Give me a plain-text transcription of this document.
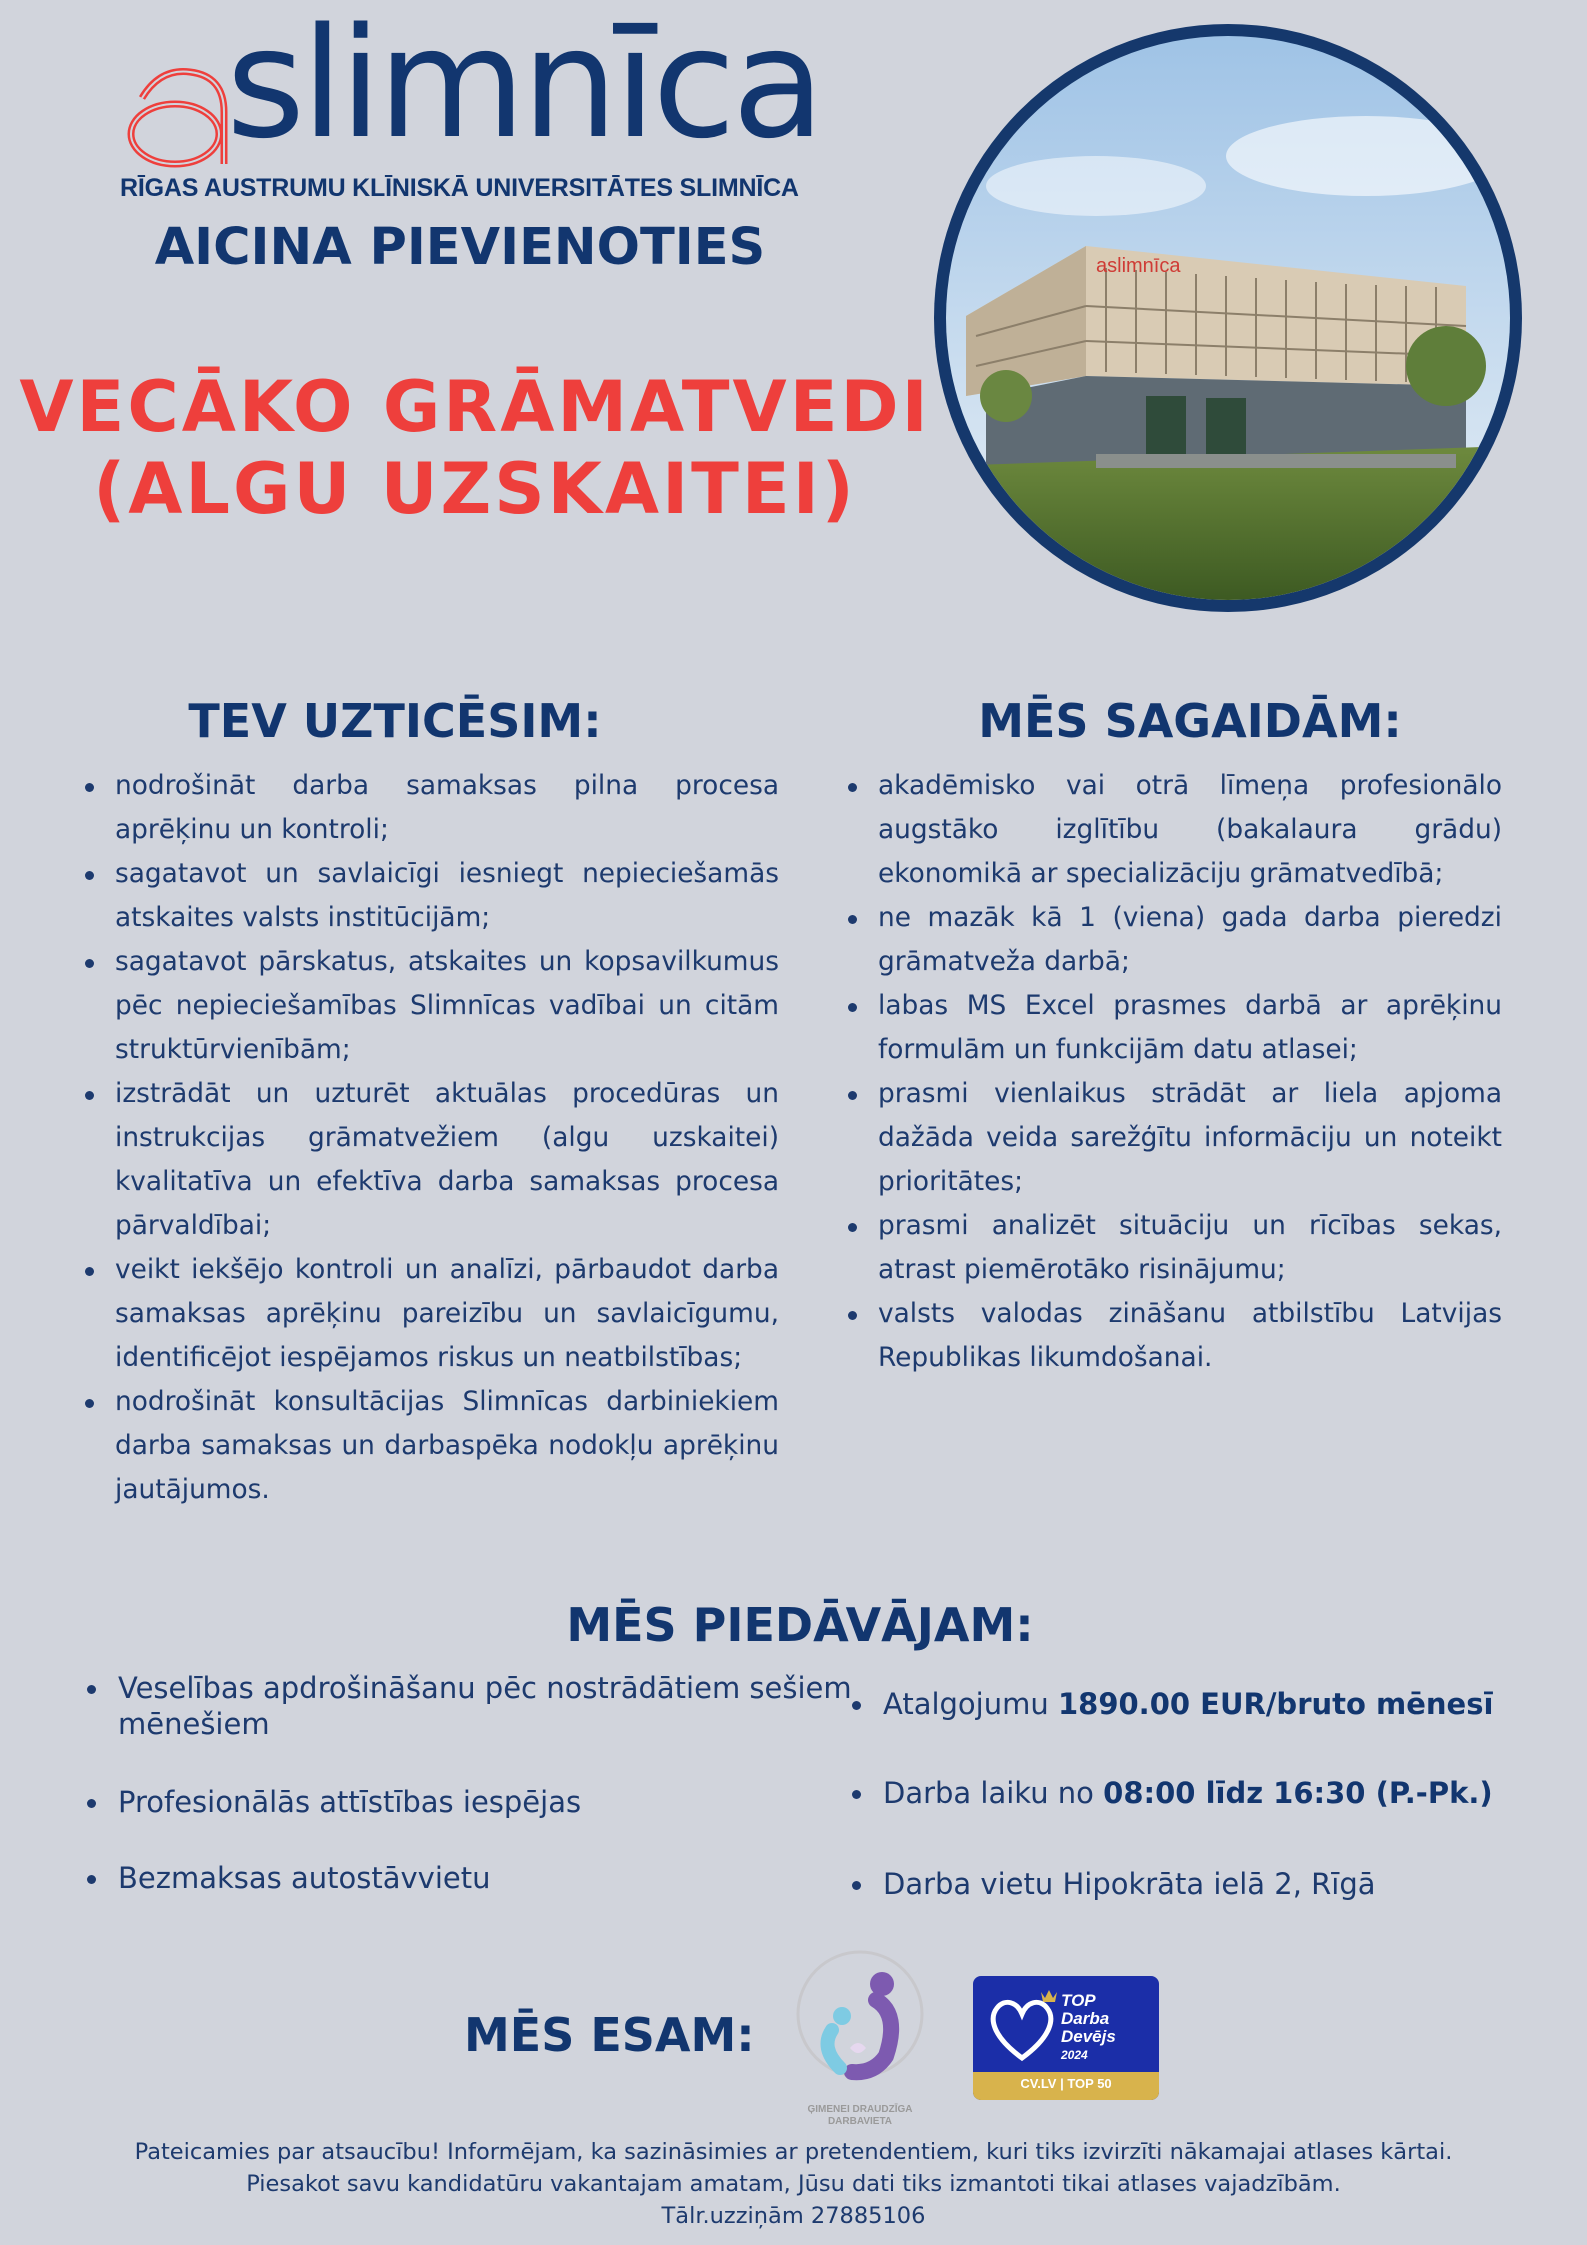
slimnīca
RĪGAS AUSTRUMU KLĪNISKĀ UNIVERSITĀTES SLIMNĪCA
AICINA PIEVIENOTIES
VECĀKO GRĀMATVEDI
(ALGU UZSKAITEI)
aslimnīca
TEV UZTICĒSIM:
nodrošināt darba samaksas pilna procesa aprēķinu un kontroli;
sagatavot un savlaicīgi iesniegt nepieciešamās atskaites valsts institūcijām;
sagatavot pārskatus, atskaites un kopsavilkumus pēc nepieciešamības Slimnīcas vadībai un citām struktūrvienībām;
izstrādāt un uzturēt aktuālas procedūras un instrukcijas grāmatvežiem (algu uzskaitei) kvalitatīva un efektīva darba samaksas procesa pārvaldībai;
veikt iekšējo kontroli un analīzi, pārbaudot darba samaksas aprēķinu pareizību un savlaicīgumu, identificējot iespējamos riskus un neatbilstības;
nodrošināt konsultācijas Slimnīcas darbiniekiem darba samaksas un darbaspēka nodokļu aprēķinu jautājumos.
MĒS SAGAIDĀM:
akadēmisko vai otrā līmeņa profesionālo augstāko izglītību (bakalaura grādu) ekonomikā ar specializāciju grāmatvedībā;
ne mazāk kā 1 (viena) gada darba pieredzi grāmatveža darbā;
labas MS Excel prasmes darbā ar aprēķinu formulām un funkcijām datu atlasei;
prasmi vienlaikus strādāt ar liela apjoma dažāda veida sarežģītu informāciju un noteikt prioritātes;
prasmi analizēt situāciju un rīcības sekas, atrast piemērotāko risinājumu;
valsts valodas zināšanu atbilstību Latvijas Republikas likumdošanai.
MĒS PIEDĀVĀJAM:
Veselības apdrošināšanu pēc nostrādātiem sešiem mēnešiem
Profesionālās attīstības iespējas
Bezmaksas autostāvvietu
Atalgojumu 1890.00 EUR/bruto mēnesī
Darba laiku no 08:00 līdz 16:30 (P.-Pk.)
Darba vietu Hipokrāta ielā 2, Rīgā
MĒS ESAM:
ĢIMENEI DRAUDZĪGA
DARBAVIETA
TOP
Darba
Devējs
2024
CV.LV | TOP 50
Pateicamies par atsaucību! Informējam, ka sazināsimies ar pretendentiem, kuri tiks izvirzīti nākamajai atlases kārtai.
Piesakot savu kandidatūru vakantajam amatam, Jūsu dati tiks izmantoti tikai atlases vajadzībām.
Tālr.uzziņām 27885106
